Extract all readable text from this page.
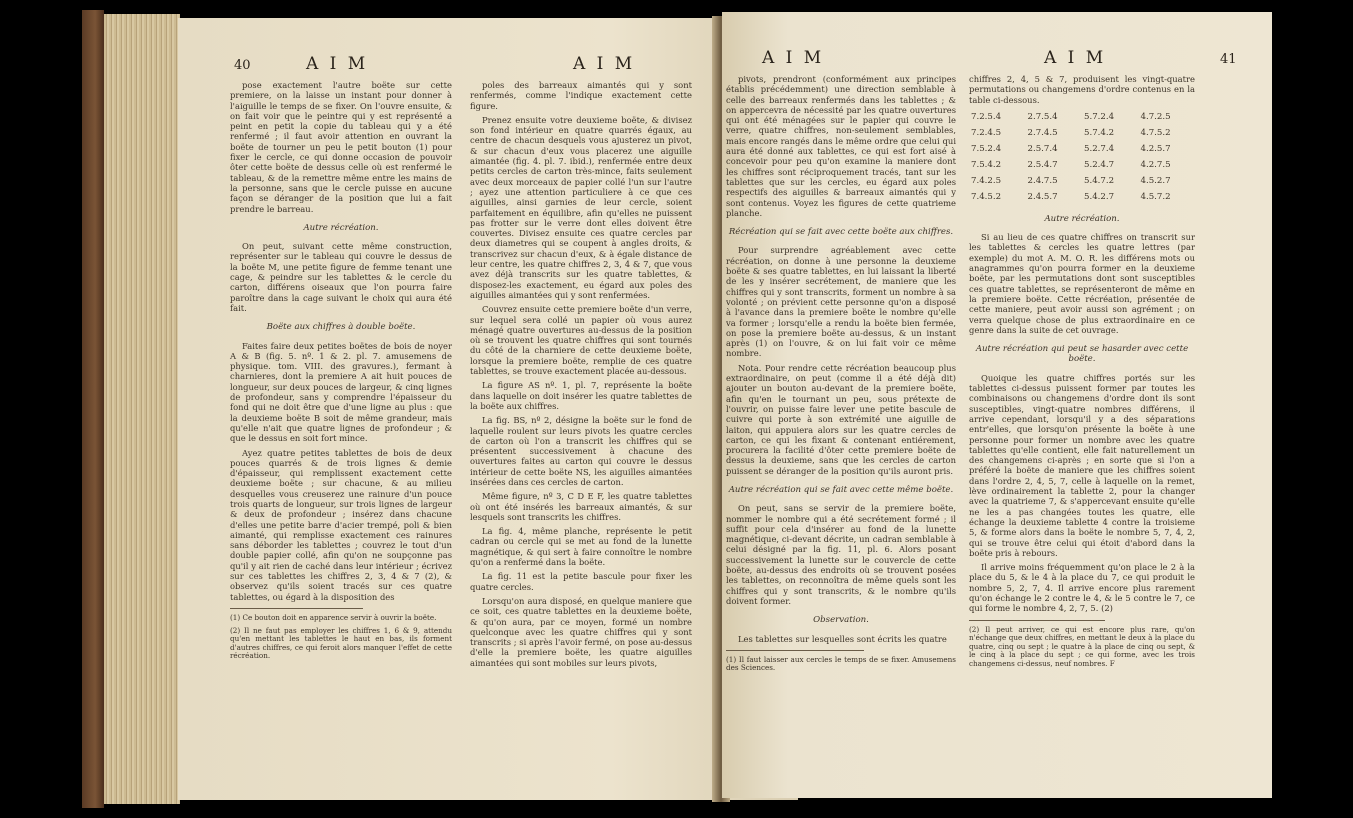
40	A I M	A I M

pose exactement l'autre boëte sur cette premiere, on la laisse un instant pour donner à l'aiguille le temps de se fixer. On l'ouvre ensuite, & on fait voir que le peintre qui y est représenté a peint en petit la copie du tableau qui y a été renfermé ; il faut avoir attention en ouvrant la boëte de tourner un peu le petit bouton (1) pour fixer le cercle, ce qui donne occasion de pouvoir ôter cette boëte de dessus celle où est renfermé le tableau, & de la remettre même entre les mains de la personne, sans que le cercle puisse en aucune façon se déranger de la position que lui a fait prendre le barreau.

Autre récréation.

On peut, suivant cette même construction, représenter sur le tableau qui couvre le dessus de la boëte M, une petite figure de femme tenant une cage, & peindre sur les tablettes & le cercle du carton, différens oiseaux que l'on pourra faire paroître dans la cage suivant le choix qui aura été fait.

Boëte aux chiffres à double boëte.

Faites faire deux petites boëtes de bois de noyer A & B (fig. 5. nº. 1 & 2. pl. 7. amusemens de physique. tom. VIII. des gravures.), fermant à charnieres, dont la premiere A ait huit pouces de longueur, sur deux pouces de largeur, & cinq lignes de profondeur, sans y comprendre l'épaisseur du fond qui ne doit être que d'une ligne au plus : que la deuxieme boëte B soit de même grandeur, mais qu'elle n'ait que quatre lignes de profondeur ; & que le dessus en soit fort mince.

Ayez quatre petites tablettes de bois de deux pouces quarrés & de trois lignes & demie d'épaisseur, qui remplissent exactement cette deuxieme boëte ; sur chacune, & au milieu desquelles vous creuserez une rainure d'un pouce trois quarts de longueur, sur trois lignes de largeur & deux de profondeur ; insérez dans chacune d'elles une petite barre d'acier trempé, poli & bien aimanté, qui remplisse exactement ces rainures sans déborder les tablettes ; couvrez le tout d'un double papier collé, afin qu'on ne soupçonne pas qu'il y ait rien de caché dans leur intérieur ; écrivez sur ces tablettes les chiffres 2, 3, 4 & 7 (2), & observez qu'ils soient tracés sur ces quatre tablettes, ou égard à la disposition des

(1) Ce bouton doit en apparence servir à ouvrir la boëte.

(2) Il ne faut pas employer les chiffres 1, 6 & 9, attendu qu'en mettant les tablettes le haut en bas, ils forment d'autres chiffres, ce qui feroit alors manquer l'effet de cette récréation.

poles des barreaux aimantés qui y sont renfermés, comme l'indique exactement cette figure.

Prenez ensuite votre deuxieme boëte, & divisez son fond intérieur en quatre quarrés égaux, au centre de chacun desquels vous ajusterez un pivot, & sur chacun d'eux vous placerez une aiguille aimantée (fig. 4. pl. 7. ibid.), renfermée entre deux petits cercles de carton très-mince, faits seulement avec deux morceaux de papier collé l'un sur l'autre ; ayez une attention particuliere à ce que ces aiguilles, ainsi garnies de leur cercle, soient parfaitement en équilibre, afin qu'elles ne puissent pas frotter sur le verre dont elles doivent être couvertes. Divisez ensuite ces quatre cercles par deux diametres qui se coupent à angles droits, & transcrivez sur chacun d'eux, & à égale distance de leur centre, les quatre chiffres 2, 3, 4 & 7, que vous avez déjà transcrits sur les quatre tablettes, & disposez-les exactement, eu égard aux poles des aiguilles aimantées qui y sont renfermées.

Couvrez ensuite cette premiere boëte d'un verre, sur lequel sera collé un papier où vous aurez ménagé quatre ouvertures au-dessus de la position où se trouvent les quatre chiffres qui sont tournés du côté de la charniere de cette deuxieme boëte, lorsque la premiere boëte, remplie de ces quatre tablettes, se trouve exactement placée au-dessous.

La figure AS nº. 1, pl. 7, représente la boëte dans laquelle on doit insérer les quatre tablettes de la boëte aux chiffres.

La fig. BS, nº 2, désigne la boëte sur le fond de laquelle roulent sur leurs pivots les quatre cercles de carton où l'on a transcrit les chiffres qui se présentent successivement à chacune des ouvertures faites au carton qui couvre le dessus intérieur de cette boëte NS, les aiguilles aimantées insérées dans ces cercles de carton.

Même figure, nº 3, C D E F, les quatre tablettes où ont été insérés les barreaux aimantés, & sur lesquels sont transcrits les chiffres.

La fig. 4, même planche, représente le petit cadran ou cercle qui se met au fond de la lunette magnétique, & qui sert à faire connoître le nombre qu'on a renfermé dans la boëte.

La fig. 11 est la petite bascule pour fixer les quatre cercles.

Lorsqu'on aura disposé, en quelque maniere que ce soit, ces quatre tablettes en la deuxieme boëte, & qu'on aura, par ce moyen, formé un nombre quelconque avec les quatre chiffres qui y sont transcrits ; si après l'avoir fermé, on pose au-dessus d'elle la premiere boëte, les quatre aiguilles aimantées qui sont mobiles sur leurs pivots,

A I M	A I M	41

pivots, prendront (conformément aux principes établis précédemment) une direction semblable à celle des barreaux renfermés dans les tablettes ; & on appercevra de nécessité par les quatre ouvertures qui ont été ménagées sur le papier qui couvre le verre, quatre chiffres, non-seulement semblables, mais encore rangés dans le même ordre que celui qui aura été donné aux tablettes, ce qui est fort aisé à concevoir pour peu qu'on examine la maniere dont les chiffres sont réciproquement tracés, tant sur les tablettes que sur les cercles, eu égard aux poles respectifs des aiguilles & barreaux aimantés qui y sont contenus. Voyez les figures de cette quatrieme planche.

Récréation qui se fait avec cette boëte aux chiffres.

Pour surprendre agréablement avec cette récréation, on donne à une personne la deuxieme boëte & ses quatre tablettes, en lui laissant la liberté de les y insérer secrétement, de maniere que les chiffres qui y sont transcrits, forment un nombre à sa volonté ; on prévient cette personne qu'on a disposé à l'avance dans la premiere boëte le nombre qu'elle va former ; lorsqu'elle a rendu la boëte bien fermée, on pose la premiere boëte au-dessus, & un instant après (1) on l'ouvre, & on lui fait voir ce même nombre.

Nota. Pour rendre cette récréation beaucoup plus extraordinaire, on peut (comme il a été déjà dit) ajouter un bouton au-devant de la premiere boëte, afin qu'en le tournant un peu, sous prétexte de l'ouvrir, on puisse faire lever une petite bascule de cuivre qui porte à son extrémité une aiguille de laiton, qui appuiera alors sur les quatre cercles de carton, ce qui les fixant & contenant entiérement, procurera la facilité d'ôter cette premiere boëte de dessus la deuxieme, sans que les cercles de carton puissent se déranger de la position qu'ils auront pris.

Autre récréation qui se fait avec cette même boëte.

On peut, sans se servir de la premiere boëte, nommer le nombre qui a été secrétement formé ; il suffit pour cela d'insérer au fond de la lunette magnétique, ci-devant décrite, un cadran semblable à celui désigné par la fig. 11, pl. 6. Alors posant successivement la lunette sur le couvercle de cette boëte, au-dessus des endroits où se trouvent posées les tablettes, on reconnoîtra de même quels sont les chiffres qui y sont transcrits, & le nombre qu'ils doivent former.

Observation.

Les tablettes sur lesquelles sont écrits les quatre

(1) Il faut laisser aux cercles le temps de se fixer. Amusemens des Sciences.

chiffres 2, 4, 5 & 7, produisent les vingt-quatre permutations ou changemens d'ordre contenus en la table ci-dessous.

7.2.5.4	2.7.5.4	5.7.2.4	4.7.2.5
7.2.4.5	2.7.4.5	5.7.4.2	4.7.5.2
7.5.2.4	2.5.7.4	5.2.7.4	4.2.5.7
7.5.4.2	2.5.4.7	5.2.4.7	4.2.7.5
7.4.2.5	2.4.7.5	5.4.7.2	4.5.2.7
7.4.5.2	2.4.5.7	5.4.2.7	4.5.7.2

Autre récréation.

Si au lieu de ces quatre chiffres on transcrit sur les tablettes & cercles les quatre lettres (par exemple) du mot A. M. O. R. les différens mots ou anagrammes qu'on pourra former en la deuxieme boëte, par les permutations dont sont susceptibles ces quatre tablettes, se représenteront de même en la premiere boëte. Cette récréation, présentée de cette maniere, peut avoir aussi son agrément ; on verra quelque chose de plus extraordinaire en ce genre dans la suite de cet ouvrage.

Autre récréation qui peut se hasarder avec cette boëte.

Quoique les quatre chiffres portés sur les tablettes ci-dessus puissent former par toutes les combinaisons ou changemens d'ordre dont ils sont susceptibles, vingt-quatre nombres différens, il arrive cependant, lorsqu'il y a des séparations entr'elles, que lorsqu'on présente la boëte à une personne pour former un nombre avec les quatre tablettes qu'elle contient, elle fait naturellement un des changemens ci-après ; en sorte que si l'on a préféré la boëte de maniere que les chiffres soient dans l'ordre 2, 4, 5, 7, celle à laquelle on la remet, lève ordinairement la tablette 2, pour la changer avec la quatrieme 7, & s'appercevant ensuite qu'elle ne les a pas changées toutes les quatre, elle échange la deuxieme tablette 4 contre la troisieme 5, & forme alors dans la boëte le nombre 5, 7, 4, 2, qui se trouve être celui qui étoit d'abord dans la boëte pris à rebours.

Il arrive moins fréquemment qu'on place le 2 à la place du 5, & le 4 à la place du 7, ce qui produit le nombre 5, 2, 7, 4. Il arrive encore plus rarement qu'on échange le 2 contre le 4, & le 5 contre le 7, ce qui forme le nombre 4, 2, 7, 5. (2)

(2) Il peut arriver, ce qui est encore plus rare, qu'on n'échange que deux chiffres, en mettant le deux à la place du quatre, cinq ou sept ; le quatre à la place de cinq ou sept, & le cinq à la place du sept ; ce qui forme, avec les trois changemens ci-dessus, neuf nombres. F
